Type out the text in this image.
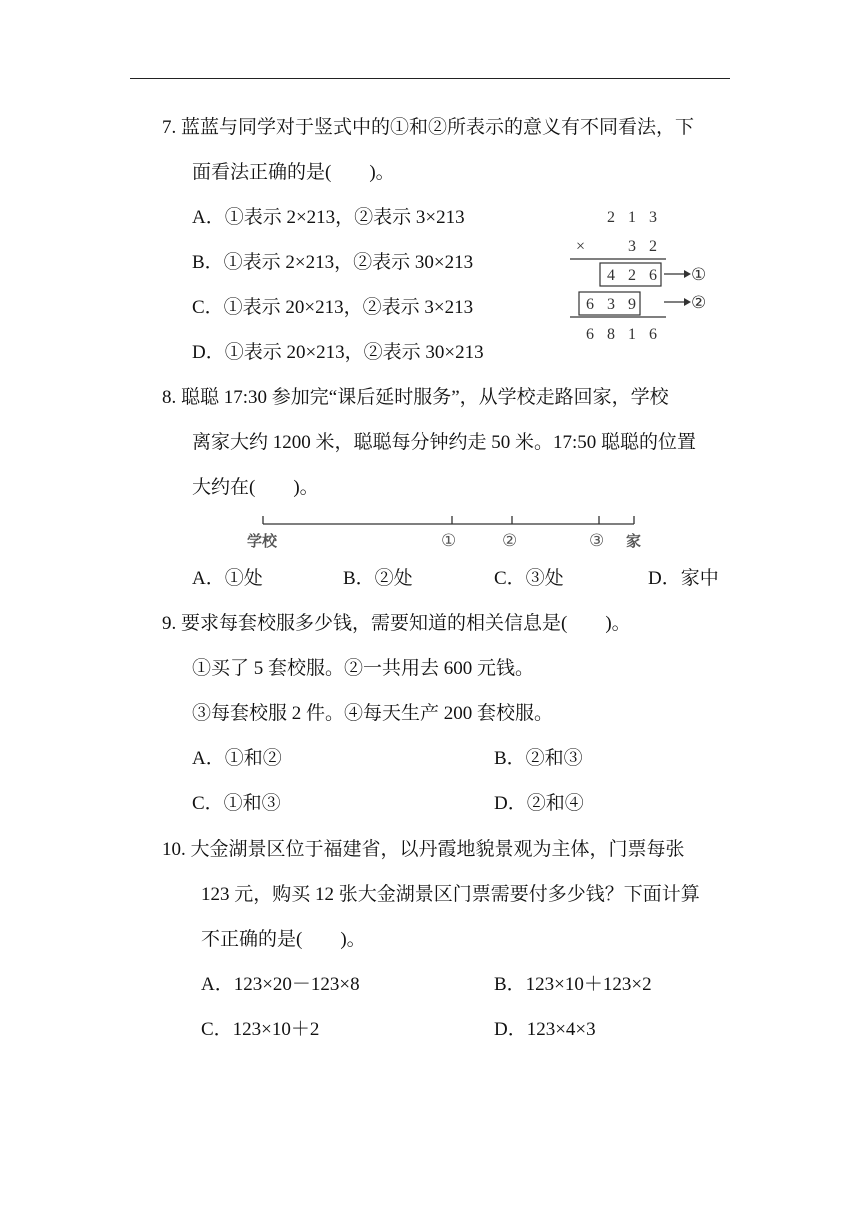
7. 蓝蓝与同学对于竖式中的①和②所表示的意义有不同看法，下
面看法正确的是(　　)。
A．①表示 2×213，②表示 3×213
B．①表示 2×213，②表示 30×213
C．①表示 20×213，②表示 3×213
D．①表示 20×213，②表示 30×213
2 1 3
×	3 2
4 2 6 ①
6 3 9	②
6 8 1 6
8. 聪聪 17:30 参加完“课后延时服务”，从学校走路回家，学校
离家大约 1200 米，聪聪每分钟约走 50 米。17:50 聪聪的位置
大约在(　　)。
学校	①	②	③ 家
A．①处	B．②处	C．③处	D．家中
9. 要求每套校服多少钱，需要知道的相关信息是(　　)。
①买了 5 套校服。②一共用去 600 元钱。
③每套校服 2 件。④每天生产 200 套校服。
A．①和②	B．②和③
C．①和③	D．②和④
10. 大金湖景区位于福建省，以丹霞地貌景观为主体，门票每张
123 元，购买 12 张大金湖景区门票需要付多少钱？下面计算
不正确的是(　　)。
A．123×20－123×8	B．123×10＋123×2
C．123×10＋2	D．123×4×3
